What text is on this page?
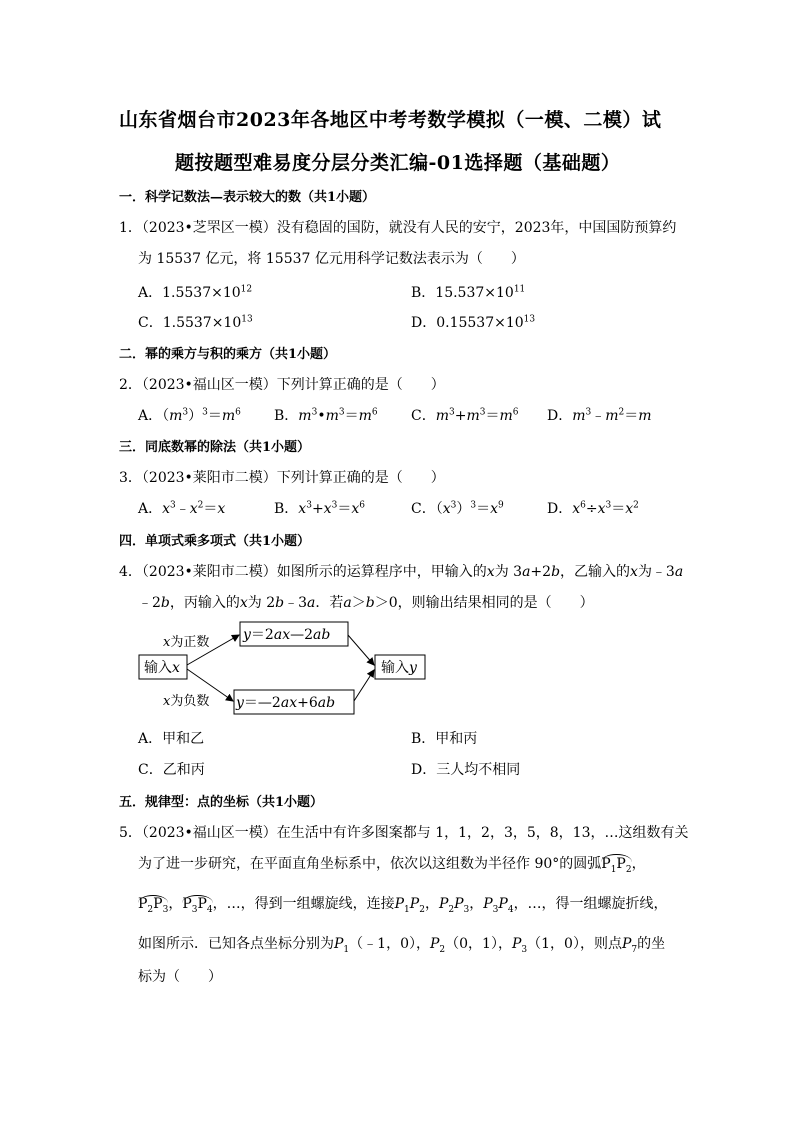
山东省烟台市2023年各地区中考考数学模拟（一模、二模）试
题按题型难易度分层分类汇编-01选择题（基础题）
一．科学记数法—表示较大的数（共1小题）
1．（2023•芝罘区一模）没有稳固的国防，就没有人民的安宁，2023年，中国国防预算约
为 15537 亿元，将 15537 亿元用科学记数法表示为（　　）
A．$1.5537\times 10^{12}$	B．$15.537\times 10^{11}$
C．$1.5537\times 10^{13}$	D．$0.15537\times 10^{13}$
二．幂的乘方与积的乘方（共1小题）
2．（2023•福山区一模）下列计算正确的是（　　）
A．$(m^3)^3=m^6$ B．$m^3•m^3=m^6$ C．$m^3+m^3=m^6$ D．$m^3﹣m^2=m$
三．同底数幂的除法（共1小题）
3．（2023•莱阳市二模）下列计算正确的是（　　）
A．$x^3﹣x^2=x$	B．$x^3+x^3=x^6$	C．$(x^3)^3=x^9$	D．$x^6\div x^3=x^2$
四．单项式乘多项式（共1小题）
4．（2023•莱阳市二模）如图所示的运算程序中，甲输入的x为 3a+2b，乙输入的x为﹣3a
﹣2b，丙输入的x为 2b﹣3a．若a＞b＞0，则输出结果相同的是（　　）
输入x
y＝2ax—2ab
y＝—2ax+6ab
输入y
x为正数
x为负数
A．甲和乙	B．甲和丙
C．乙和丙	D．三人均不相同
五．规律型：点的坐标（共1小题）
5．（2023•福山区一模）在生活中有许多图案都与 1，1，2，3，5，8，13，…这组数有关
为了进一步研究，在平面直角坐标系中，依次以这组数为半径作 90°的圆弧$P_1P_2$，
$P_2P_3$，$P_3P_4$，…，得到一组螺旋线，连接$P_1P_2$，$P_2P_3$，$P_3P_4$，…，得一组螺旋折线，
如图所示．已知各点坐标分别为$P_1(﹣1$，0），$P_2(0$，1），$P_3(1$，0），则点$P_7$的坐
标为（　　）
